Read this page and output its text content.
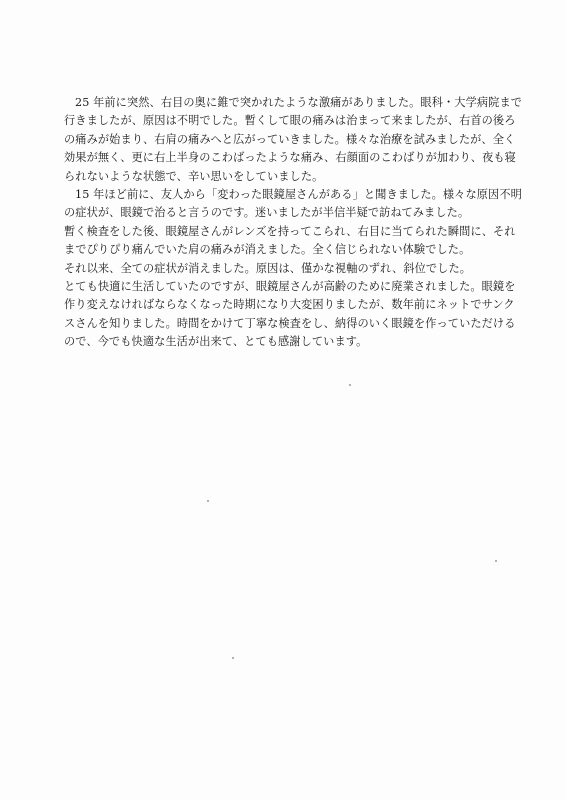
25 年前に突然、右目の奥に錐で突かれたような激痛がありました。眼科・大学病院まで
行きましたが、原因は不明でした。暫くして眼の痛みは治まって来ましたが、右首の後ろ
の痛みが始まり、右肩の痛みへと広がっていきました。様々な治療を試みましたが、全く
効果が無く、更に右上半身のこわばったような痛み、右顔面のこわばりが加わり、夜も寝
られないような状態で、辛い思いをしていました。
15 年ほど前に、友人から「変わった眼鏡屋さんがある」と聞きました。様々な原因不明
の症状が、眼鏡で治ると言うのです。迷いましたが半信半疑で訪ねてみました。
暫く検査をした後、眼鏡屋さんがレンズを持ってこられ、右目に当てられた瞬間に、それ
までぴりぴり痛んでいた肩の痛みが消えました。全く信じられない体験でした。
それ以来、全ての症状が消えました。原因は、僅かな視軸のずれ、斜位でした。
とても快適に生活していたのですが、眼鏡屋さんが高齢のために廃業されました。眼鏡を
作り変えなければならなくなった時期になり大変困りましたが、数年前にネットでサンク
スさんを知りました。時間をかけて丁寧な検査をし、納得のいく眼鏡を作っていただける
ので、今でも快適な生活が出来て、とても感謝しています。
